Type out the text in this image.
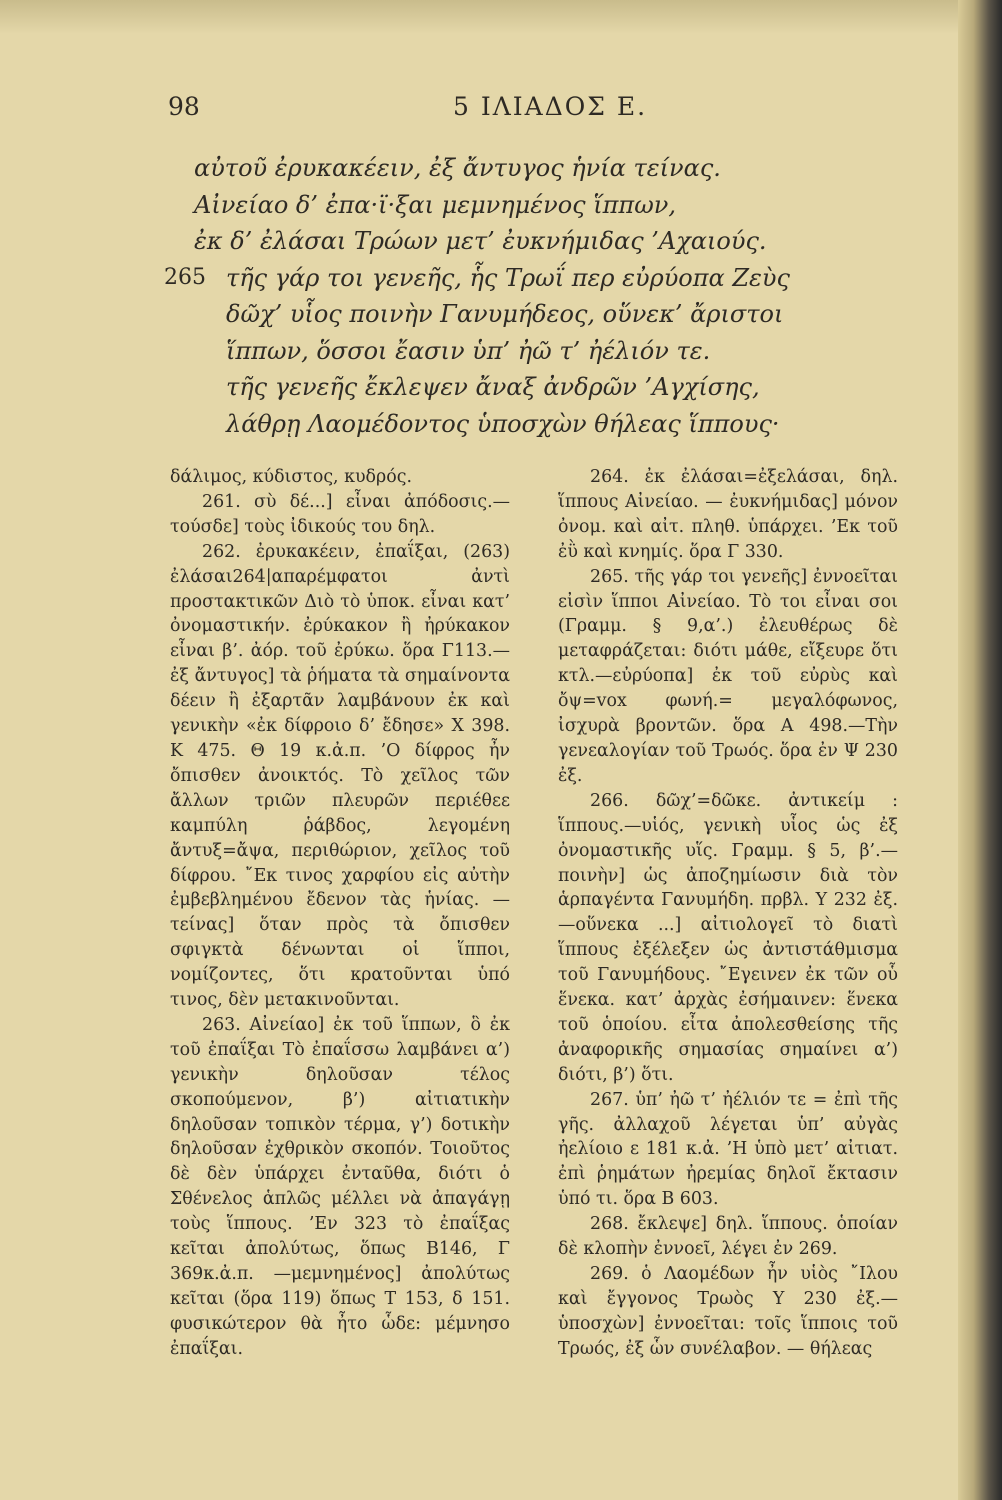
98	5 ΙΛΙΑΔΟΣ Ε.
αὐτοῦ ἐρυκακέειν, ἐξ ἄντυγος ἡνία τείνας.
Αἰνείαο δ’ ἐπα·ϊ·ξαι μεμνημένος ἵππων,
ἐκ δ’ ἐλάσαι Τρώων μετ’ ἐυκνήμιδας ’Αχαιούς.
265 τῆς γάρ τοι γενεῆς, ἧς Τρωΐ περ εὐρύοπα Ζεὺς
δῶχ’ υἷος ποινὴν Γανυμήδεος, οὕνεκ’ ἄριστοι
ἵππων, ὅσσοι ἔασιν ὑπ’ ἠῶ τ’ ἠέλιόν τε.
τῆς γενεῆς ἔκλεψεν ἄναξ ἀνδρῶν ’Αγχίσης,
λάθρῃ Λαομέδοντος ὑποσχὼν θήλεας ἵππους·

δάλιμος, κύδιστος, κυδρός.

261. σὺ δέ...] εἶναι ἀπόδοσις.— τούσδε] τοὺς ἰδικούς του δηλ.

262. ἐρυκακέειν, ἐπαΐξαι, (263) ἐλάσαι264|απαρέμφατοι ἀντὶ προστακτικῶν Διὸ τὸ ὑποκ. εἶναι κατ’ ὀνομαστικήν. ἐρύκακον ἢ ἠρύκακον εἶναι β’. ἀόρ. τοῦ ἐρύκω. ὅρα Γ113.— ἐξ ἄντυγος] τὰ ῥήματα τὰ σημαίνοντα δέειν ἢ ἐξαρτᾶν λαμβάνουν ἐκ καὶ γενικὴν «ἐκ δίφροιο δ’ ἔδησε» X 398. K 475. Θ 19 κ.ἀ.π. ’Ο δίφρος ἦν ὄπισθεν ἀνοικτός. Τὸ χεῖλος τῶν ἄλλων τριῶν πλευρῶν περιέθεε καμπύλη ῥάβδος, λεγομένη ἄντυξ=ἄψα, περιθώριον, χεῖλος τοῦ δίφρου. ῎Εκ τινος χαρφίου εἰς αὐτὴν ἐμβεβλημένου ἔδενον τὰς ἡνίας. — τείνας] ὅταν πρὸς τὰ ὄπισθεν σφιγκτὰ δένωνται οἱ ἵπποι, νομίζοντες, ὅτι κρατοῦνται ὑπό τινος, δὲν μετακινοῦνται.

263. Αἰνείαο] ἐκ τοῦ ἵππων, ὃ ἐκ τοῦ ἐπαΐξαι Τὸ ἐπαΐσσω λαμβάνει α’) γενικὴν δηλοῦσαν τέλος σκοπούμενον, β’) αἰτιατικὴν δηλοῦσαν τοπικὸν τέρμα, γ’) δοτικὴν δηλοῦσαν ἐχθρικὸν σκοπόν. Τοιοῦτος δὲ δὲν ὑπάρχει ἐνταῦθα, διότι ὁ Σθένελος ἁπλῶς μέλλει νὰ ἀπαγάγῃ τοὺς ἵππους. ’Εν 323 τὸ ἐπαΐξας κεῖται ἀπολύτως, ὅπως Β146, Γ 369κ.ἀ.π. —μεμνημένος] ἀπολύτως κεῖται (ὅρα 119) ὅπως Τ 153, δ 151. φυσικώτερον θὰ ἦτο ὧδε: μέμνησο ἐπαΐξαι.

264. ἐκ ἐλάσαι=ἐξελάσαι, δηλ. ἵππους Αἰνείαο. — ἐυκνήμιδας] μόνον ὀνομ. καὶ αἰτ. πληθ. ὑπάρχει. ’Εκ τοῦ ἐῢ καὶ κνημίς. ὅρα Γ 330.

265. τῆς γάρ τοι γενεῆς] ἐννοεῖται εἰσὶν ἵπποι Αἰνείαο. Τὸ τοι εἶναι σοι (Γραμμ. § 9,α’.) ἐλευθέρως δὲ μεταφράζεται: διότι μάθε, εἴξευρε ὅτι κτλ.—εὐρύοπα] ἐκ τοῦ εὐρὺς καὶ ὄψ=vox φωνή.= μεγαλόφωνος, ἰσχυρὰ βροντῶν. ὅρα Α 498.—Τὴν γενεαλογίαν τοῦ Τρωός. ὅρα ἐν Ψ 230 ἐξ.

266. δῶχ’=δῶκε. ἀντικείμ : ἵππους.—υἱός, γενικὴ υἷος ὡς ἐξ ὀνομαστικῆς υἵς. Γραμμ. § 5, β’.— ποινὴν] ὡς ἀποζημίωσιν διὰ τὸν ἁρπαγέντα Γανυμήδη. πρβλ. Υ 232 ἐξ. —οὕνεκα ...] αἰτιολογεῖ τὸ διατὶ ἵππους ἐξέλεξεν ὡς ἀντιστάθμισμα τοῦ Γανυμήδους. ῎Εγεινεν ἐκ τῶν οὗ ἕνεκα. κατ’ ἀρχὰς ἐσήμαινεν: ἕνεκα τοῦ ὁποίου. εἶτα ἀπολεσθείσης τῆς ἀναφορικῆς σημασίας σημαίνει α’) διότι, β’) ὅτι.

267. ὑπ’ ἠῶ τ’ ἠέλιόν τε = ἐπὶ τῆς γῆς. ἀλλαχοῦ λέγεται ὑπ’ αὐγὰς ἠελίοιο ε 181 κ.ἀ. ’Η ὑπὸ μετ’ αἰτιατ. ἐπὶ ῥημάτων ἠρεμίας δηλοῖ ἔκτασιν ὑπό τι. ὅρα Β 603.

268. ἔκλεψε] δηλ. ἵππους. ὁποίαν δὲ κλοπὴν ἐννοεῖ, λέγει ἐν 269.

269. ὁ Λαομέδων ἦν υἱὸς ῎Ιλου καὶ ἔγγονος Τρωὸς Υ 230 ἐξ.—ὑποσχὼν] ἐννοεῖται: τοῖς ἵπποις τοῦ Τρωός, ἐξ ὧν συνέλαβον. — θήλεας
